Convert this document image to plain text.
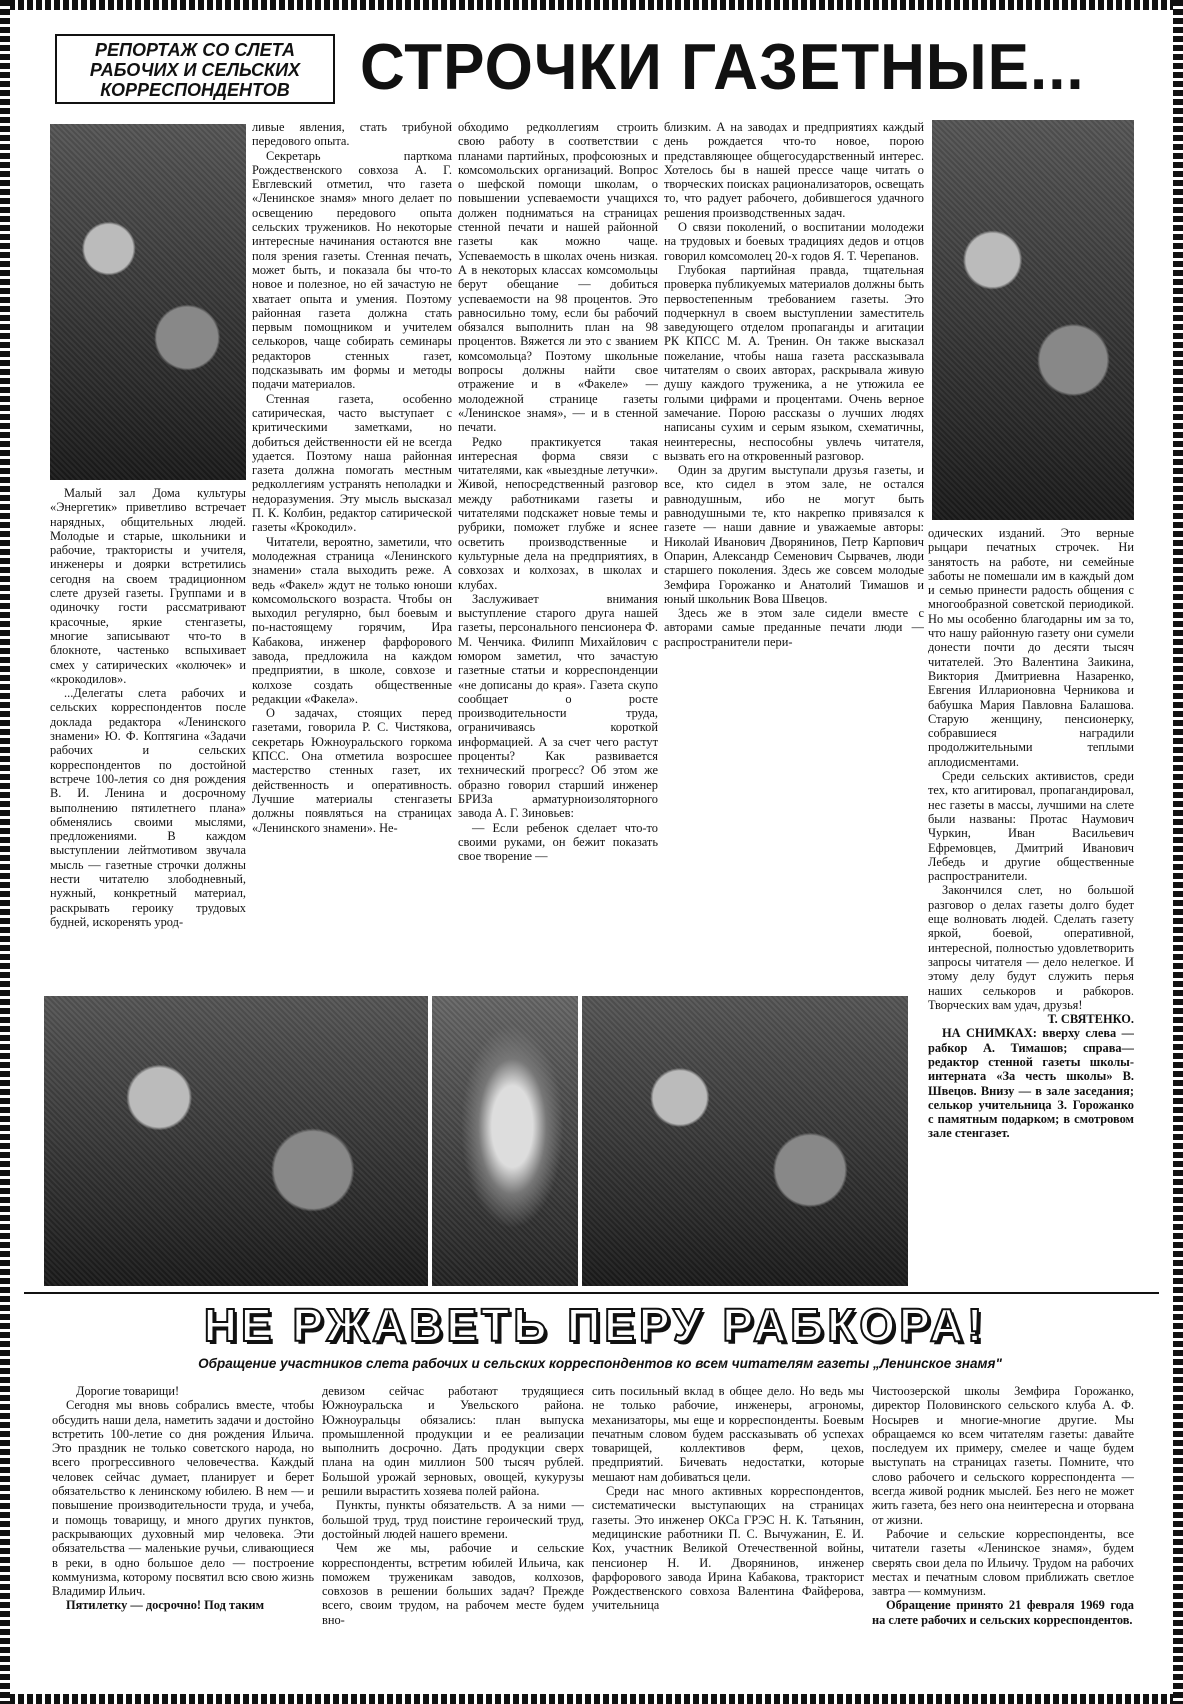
РЕПОРТАЖ СО СЛЕТА РАБОЧИХ И СЕЛЬСКИХ КОРРЕСПОНДЕНТОВ	СТРОЧКИ ГАЗЕТНЫЕ...

Малый зал Дома культуры «Энергетик» приветливо встречает нарядных, общительных людей. Молодые и старые, школьники и рабочие, трактористы и учителя, инженеры и доярки встретились сегодня на своем традиционном слете друзей газеты. Группами и в одиночку гости рассматривают красочные, яркие стенгазеты, многие записывают что-то в блокноте, частенько вспыхивает смех у сатирических «колючек» и «крокодилов».

...Делегаты слета рабочих и сельских корреспондентов после доклада редактора «Ленинского знамени» Ю. Ф. Коптягина «Задачи рабочих и сельских корреспондентов по достойной встрече 100-летия со дня рождения В. И. Ленина и досрочному выполнению пятилетнего плана» обменялись своими мыслями, предложениями. В каждом выступлении лейтмотивом звучала мысль — газетные строчки должны нести читателю злободневный, нужный, конкретный материал, раскрывать героику трудовых будней, искоренять урод-

ливые явления, стать трибуной передового опыта.

Секретарь парткома Рождественского совхоза А. Г. Евглевский отметил, что газета «Ленинское знамя» много делает по освещению передового опыта сельских тружеников. Но некоторые интересные начинания остаются вне поля зрения газеты. Стенная печать, может быть, и показала бы что-то новое и полезное, но ей зачастую не хватает опыта и умения. Поэтому районная газета должна стать первым помощником и учителем селькоров, чаще собирать семинары редакторов стенных газет, подсказывать им формы и методы подачи материалов.

Стенная газета, особенно сатирическая, часто выступает с критическими заметками, но добиться действенности ей не всегда удается. Поэтому наша районная газета должна помогать местным редколлегиям устранять неполадки и недоразумения. Эту мысль высказал П. К. Колбин, редактор сатирической газеты «Крокодил».

Читатели, вероятно, заметили, что молодежная страница «Ленинского знамени» стала выходить реже. А ведь «Факел» ждут не только юноши комсомольского возраста. Чтобы он выходил регулярно, был боевым и по-настоящему горячим, Ира Кабакова, инженер фарфорового завода, предложила на каждом предприятии, в школе, совхозе и колхозе создать общественные редакции «Факела».

О задачах, стоящих перед газетами, говорила Р. С. Чистякова, секретарь Южноуральского горкома КПСС. Она отметила возросшее мастерство стенных газет, их действенность и оперативность. Лучшие материалы стенгазеты должны появляться на страницах «Ленинского знамени». Не-

обходимо редколлегиям строить свою работу в соответствии с планами партийных, профсоюзных и комсомольских организаций. Вопрос о шефской помощи школам, о повышении успеваемости учащихся должен подниматься на страницах стенной печати и нашей районной газеты как можно чаще. Успеваемость в школах очень низкая. А в некоторых классах комсомольцы берут обещание — добиться успеваемости на 98 процентов. Это равносильно тому, если бы рабочий обязался выполнить план на 98 процентов. Вяжется ли это с званием комсомольца? Поэтому школьные вопросы должны найти свое отражение и в «Факеле» — молодежной странице газеты «Ленинское знамя», — и в стенной печати.

Редко практикуется такая интересная форма связи с читателями, как «выездные летучки». Живой, непосредственный разговор между работниками газеты и читателями подскажет новые темы и рубрики, поможет глубже и яснее осветить производственные и культурные дела на предприятиях, в совхозах и колхозах, в школах и клубах.

Заслуживает внимания выступление старого друга нашей газеты, персонального пенсионера Ф. М. Ченчика. Филипп Михайлович с юмором заметил, что зачастую газетные статьи и корреспонденции «не дописаны до края». Газета скупо сообщает о росте производительности труда, ограничиваясь короткой информацией. А за счет чего растут проценты? Как развивается технический прогресс? Об этом же образно говорил старший инженер БРИЗа арматурноизоляторного завода А. Г. Зиновьев:

— Если ребенок сделает что-то своими руками, он бежит показать свое творение —

близким. А на заводах и предприятиях каждый день рождается что-то новое, порою представляющее общегосударственный интерес. Хотелось бы в нашей прессе чаще читать о творческих поисках рационализаторов, освещать то, что радует рабочего, добившегося удачного решения производственных задач.

О связи поколений, о воспитании молодежи на трудовых и боевых традициях дедов и отцов говорил комсомолец 20-х годов Я. Т. Черепанов.

Глубокая партийная правда, тщательная проверка публикуемых материалов должны быть первостепенным требованием газеты. Это подчеркнул в своем выступлении заместитель заведующего отделом пропаганды и агитации РК КПСС М. А. Тренин. Он также высказал пожелание, чтобы наша газета рассказывала читателям о своих авторах, раскрывала живую душу каждого труженика, а не утюжила ее голыми цифрами и процентами. Очень верное замечание. Порою рассказы о лучших людях написаны сухим и серым языком, схематичны, неинтересны, неспособны увлечь читателя, вызвать его на откровенный разговор.

Один за другим выступали друзья газеты, и все, кто сидел в этом зале, не остался равнодушным, ибо не могут быть равнодушными те, кто накрепко привязался к газете — наши давние и уважаемые авторы: Николай Иванович Дворянинов, Петр Карпович Опарин, Александр Семенович Сырвачев, люди старшего поколения. Здесь же совсем молодые Земфира Горожанко и Анатолий Тимашов и юный школьник Вова Швецов.

Здесь же в этом зале сидели вместе с авторами самые преданные печати люди — распространители пери-

одических изданий. Это верные рыцари печатных строчек. Ни занятость на работе, ни семейные заботы не помешали им в каждый дом и семью принести радость общения с многообразной советской периодикой. Но мы особенно благодарны им за то, что нашу районную газету они сумели донести почти до десяти тысяч читателей. Это Валентина Заикина, Виктория Дмитриевна Назаренко, Евгения Илларионовна Черникова и бабушка Мария Павловна Балашова. Старую женщину, пенсионерку, собравшиеся наградили продолжительными теплыми аплодисментами.

Среди сельских активистов, среди тех, кто агитировал, пропагандировал, нес газеты в массы, лучшими на слете были названы: Протас Наумович Чуркин, Иван Васильевич Ефремовцев, Дмитрий Иванович Лебедь и другие общественные распространители.

Закончился слет, но большой разговор о делах газеты долго будет еще волновать людей. Сделать газету яркой, боевой, оперативной, интересной, полностью удовлетворить запросы читателя — дело нелегкое. И этому делу будут служить перья наших селькоров и рабкоров. Творческих вам удач, друзья!

Т. СВЯТЕНКО.

НА СНИМКАХ: вверху слева — рабкор А. Тимашов; справа—редактор стенной газеты школы-интерната «За честь школы» В. Швецов. Внизу — в зале заседания; селькор учительница З. Горожанко с памятным подарком; в смотровом зале стенгазет.

НЕ РЖАВЕТЬ ПЕРУ РАБКОРА!
Обращение участников слета рабочих и сельских корреспондентов ко всем читателям газеты „Ленинское знамя"

Дорогие товарищи!

Сегодня мы вновь собрались вместе, чтобы обсудить наши дела, наметить задачи и достойно встретить 100-летие со дня рождения Ильича. Это праздник не только советского народа, но всего прогрессивного человечества. Каждый человек сейчас думает, планирует и берет обязательство к ленинскому юбилею. В нем — и повышение производительности труда, и учеба, и помощь товарищу, и много других пунктов, раскрывающих духовный мир человека. Эти обязательства — маленькие ручьи, сливающиеся в реки, в одно большое дело — построение коммунизма, которому посвятил всю свою жизнь Владимир Ильич.

Пятилетку — досрочно! Под таким

девизом сейчас работают трудящиеся Южноуральска и Увельского района. Южноуральцы обязались: план выпуска промышленной продукции и ее реализации выполнить досрочно. Дать продукции сверх плана на один миллион 500 тысяч рублей. Большой урожай зерновых, овощей, кукурузы решили вырастить хозяева полей района.

Пункты, пункты обязательств. А за ними — большой труд, труд поистине героический труд, достойный людей нашего времени.

Чем же мы, рабочие и сельские корреспонденты, встретим юбилей Ильича, как поможем труженикам заводов, колхозов, совхозов в решении больших задач? Прежде всего, своим трудом, на рабочем месте будем вно-

сить посильный вклад в общее дело. Но ведь мы не только рабочие, инженеры, агрономы, механизаторы, мы еще и корреспонденты. Боевым печатным словом будем рассказывать об успехах товарищей, коллективов ферм, цехов, предприятий. Бичевать недостатки, которые мешают нам добиваться цели.

Среди нас много активных корреспондентов, систематически выступающих на страницах газеты. Это инженер ОКСа ГРЭС Н. К. Татьянин, медицинские работники П. С. Вычужанин, Е. И. Кох, участник Великой Отечественной войны, пенсионер Н. И. Дворянинов, инженер фарфорового завода Ирина Кабакова, тракторист Рождественского совхоза Валентина Файферова, учительница

Чистоозерской школы Земфира Горожанко, директор Половинского сельского клуба А. Ф. Носырев и многие-многие другие. Мы обращаемся ко всем читателям газеты: давайте последуем их примеру, смелее и чаще будем выступать на страницах газеты. Помните, что слово рабочего и сельского корреспондента — всегда живой родник мыслей. Без него не может жить газета, без него она неинтересна и оторвана от жизни.

Рабочие и сельские корреспонденты, все читатели газеты «Ленинское знамя», будем сверять свои дела по Ильичу. Трудом на рабочих местах и печатным словом приближать светлое завтра — коммунизм.

Обращение принято 21 февраля 1969 года на слете рабочих и сельских корреспондентов.
